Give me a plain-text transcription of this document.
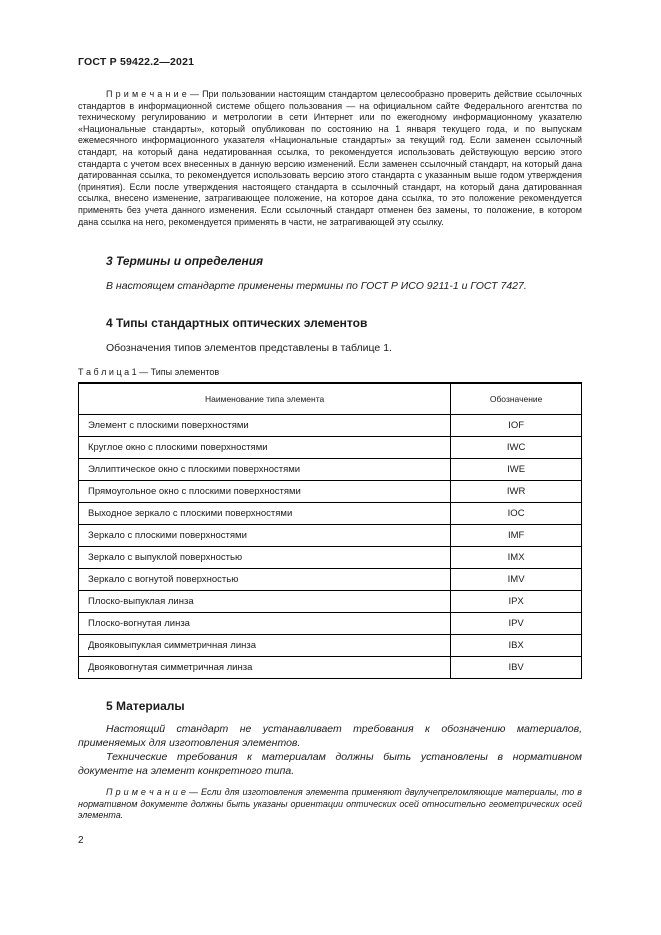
ГОСТ Р 59422.2—2021

П р и м е ч а н и е — При пользовании настоящим стандартом целесообразно проверить действие ссылочных стандартов в информационной системе общего пользования — на официальном сайте Федерального агентства по техническому регулированию и метрологии в сети Интернет или по ежегодному информационному указателю «Национальные стандарты», который опубликован по состоянию на 1 января текущего года, и по выпускам ежемесячного информационного указателя «Национальные стандарты» за текущий год. Если заменен ссылочный стандарт, на который дана недатированная ссылка, то рекомендуется использовать действующую версию этого стандарта с учетом всех внесенных в данную версию изменений. Если заменен ссылочный стандарт, на который дана датированная ссылка, то рекомендуется использовать версию этого стандарта с указанным выше годом утверждения (принятия). Если после утверждения настоящего стандарта в ссылочный стандарт, на который дана датированная ссылка, внесено изменение, затрагивающее положение, на которое дана ссылка, то это положение рекомендуется применять без учета данного изменения. Если ссылочный стандарт отменен без замены, то положение, в котором дана ссылка на него, рекомендуется применять в части, не затрагивающей эту ссылку.

3 Термины и определения

В настоящем стандарте применены термины по ГОСТ Р ИСО 9211-1 и ГОСТ 7427.

4 Типы стандартных оптических элементов

Обозначения типов элементов представлены в таблице 1.

Т а б л и ц а 1 — Типы элементов
Наименование типа элемента	Обозначение
Элемент с плоскими поверхностями	IOF
Круглое окно с плоскими поверхностями	IWC
Эллиптическое окно с плоскими поверхностями	IWE
Прямоугольное окно с плоскими поверхностями	IWR
Выходное зеркало с плоскими поверхностями	IOC
Зеркало с плоскими поверхностями	IMF
Зеркало с выпуклой поверхностью	IMX
Зеркало с вогнутой поверхностью	IMV
Плоско-выпуклая линза	IPX
Плоско-вогнутая линза	IPV
Двояковыпуклая симметричная линза	IBX
Двояковогнутая симметричная линза	IBV
5 Материалы

Настоящий стандарт не устанавливает требования к обозначению материалов, применяемых для изготовления элементов.

Технические требования к материалам должны быть установлены в нормативном документе на элемент конкретного типа.

П р и м е ч а н и е — Если для изготовления элемента применяют двулучепреломляющие материалы, то в нормативном документе должны быть указаны ориентации оптических осей относительно геометрических осей элемента.

2
